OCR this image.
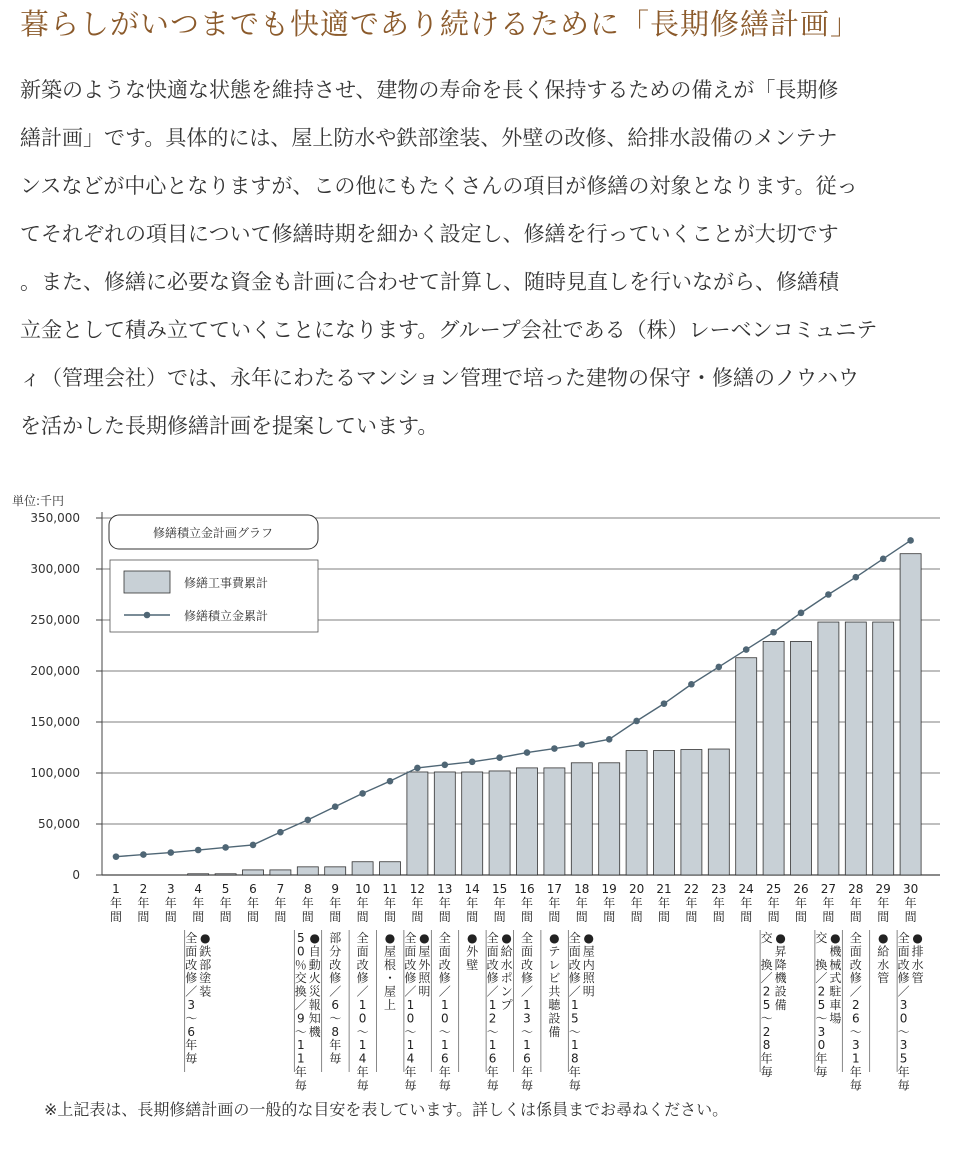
暮らしがいつまでも快適であり続けるために「長期修繕計画」

新築のような快適な状態を維持させ、建物の寿命を長く保持するための備えが「長期修

繕計画」です。具体的には、屋上防水や鉄部塗装、外壁の改修、給排水設備のメンテナ

ンスなどが中心となりますが、この他にもたくさんの項目が修繕の対象となります。従っ

てそれぞれの項目について修繕時期を細かく設定し、修繕を行っていくことが大切です

。また、修繕に必要な資金も計画に合わせて計算し、随時見直しを行いながら、修繕積

立金として積み立てていくことになります。グループ会社である（株）レーベンコミュニテ

ィ（管理会社）では、永年にわたるマンション管理で培った建物の保守・修繕のノウハウ

を活かした長期修繕計画を提案しています。

350,000
300,000
250,000
200,000
150,000
100,000
50,000
0
単位:千円
修繕積立金計画グラフ
修繕工事費累計
修繕積立金累計
1
年
間
2
年
間
3
年
間
4
年
間
5
年
間
6
年
間
7
年
間
8
年
間
9
年
間
10
年
間
11
年
間
12
年
間
13
年
間
14
年
間
15
年
間
16
年
間
17
年
間
18
年
間
19
年
間
20
年
間
21
年
間
22
年
間
23
年
間
24
年
間
25
年
間
26
年
間
27
年
間
28
年
間
29
年
間
30
年
間
●鉄部塗装
全面改修／ 3 ～ 6 年毎
●自動火災報知機
5 0 ％交換／ 9 ～ 1 1 年毎
部分改修／ 6 ～ 8 年毎
全面改修／ 1 0 ～ 1 4 年毎
●屋根・屋上
●屋外照明
全面改修／ 1 0 ～ 1 4 年毎
全面改修／ 1 0 ～ 1 6 年毎
●外壁
●給水ポンプ
全面改修／ 1 2 ～ 1 6 年毎
全面改修／ 1 3 ～ 1 6 年毎
●テレビ共聴設備
●屋内照明
全面改修／ 1 5 ～ 1 8 年毎
●昇降機設備
交　換／ 2 5 ～ 2 8 年毎
●機械式駐車場
交　換／ 2 5 ～ 3 0 年毎
全面改修／ 2 6 ～ 3 1 年毎
●給水管
●排水管
全面改修／ 3 0 ～ 3 5 年毎
※上記表は、長期修繕計画の一般的な目安を表しています。詳しくは係員までお尋ねください。
